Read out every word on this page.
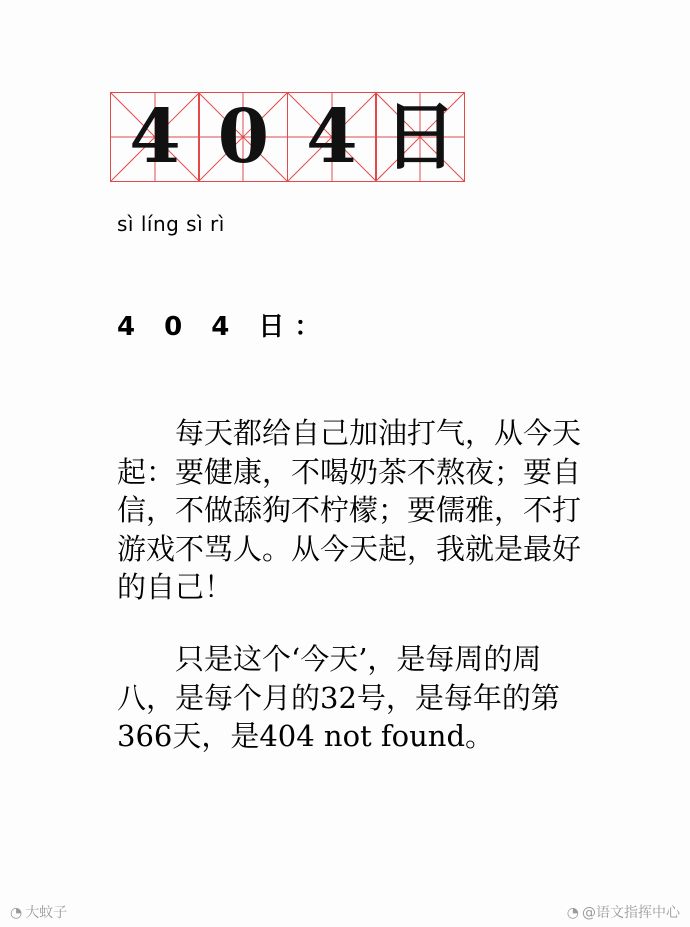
4 0 4 日
sì líng sì rì
4 0 4 日：
每天都给自己加油打气，从今天起：要健康，不喝奶茶不熬夜；要自信，不做舔狗不柠檬；要儒雅，不打游戏不骂人。从今天起，我就是最好的自己！
只是这个‘今天’，是每周的周八，是每个月的32号，是每年的第366天，是404 not found。
◔ 大蚊子	◔ @语文指挥中心
